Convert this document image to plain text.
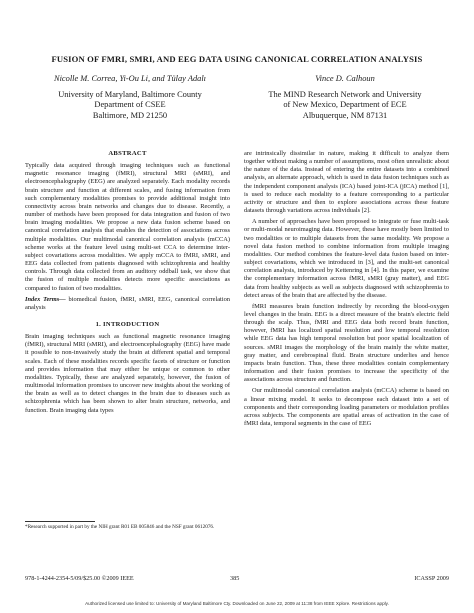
FUSION OF FMRI, SMRI, AND EEG DATA USING CANONICAL CORRELATION ANALYSIS
Nicolle M. Correa, Yi-Ou Li, and Tülay Adalı
University of Maryland, Baltimore County
Department of CSEE
Baltimore, MD 21250
Vince D. Calhoun
The MIND Research Network and University
of New Mexico, Department of ECE
Albuquerque, NM 87131
ABSTRACT

Typically data acquired through imaging techniques such as functional magnetic resonance imaging (fMRI), structural MRI (sMRI), and electroencephalography (EEG) are analyzed separately. Each modality records brain structure and function at different scales, and fusing information from such complementary modalities promises to provide additional insight into connectivity across brain networks and changes due to disease. Recently, a number of methods have been proposed for data integration and fusion of two brain imaging modalities. We propose a new data fusion scheme based on canonical correlation analysis that enables the detection of associations across multiple modalities. Our multimodal canonical correlation analysis (mCCA) scheme works at the feature level using multi-set CCA to determine inter-subject covariations across modalities. We apply mCCA to fMRI, sMRI, and EEG data collected from patients diagnosed with schizophrenia and healthy controls. Through data collected from an auditory oddball task, we show that the fusion of multiple modalities detects more specific associations as compared to fusion of two modalities.

Index Terms— biomedical fusion, fMRI, sMRI, EEG, canonical correlation analysis

1. INTRODUCTION

Brain imaging techniques such as functional magnetic resonance imaging (fMRI), structural MRI (sMRI), and electroencephalography (EEG) have made it possible to non-invasively study the brain at different spatial and temporal scales. Each of these modalities records specific facets of structure or function and provides information that may either be unique or common to other modalities. Typically, these are analyzed separately, however, the fusion of multimodal information promises to uncover new insights about the working of the brain as well as to detect changes in the brain due to diseases such as schizophrenia which has been shown to alter brain structure, networks, and function. Brain imaging data types

*Research supported in part by the NIH grant R01 EB 005846 and the NSF grant 0612076.

are intrinsically dissimilar in nature, making it difficult to analyze them together without making a number of assumptions, most often unrealistic about the nature of the data. Instead of entering the entire datasets into a combined analysis, an alternate approach, which is used in data fusion techniques such as the independent component analysis (ICA) based joint-ICA (jICA) method [1], is used to reduce each modality to a feature corresponding to a particular activity or structure and then to explore associations across these feature datasets through variations across individuals [2].

A number of approaches have been proposed to integrate or fuse multi-task or multi-modal neuroimaging data. However, these have mostly been limited to two modalities or to multiple datasets from the same modality. We propose a novel data fusion method to combine information from multiple imaging modalities. Our method combines the feature-level data fusion based on inter-subject covariations, which we introduced in [3], and the multi-set canonical correlation analysis, introduced by Kettenring in [4]. In this paper, we examine the complementary information across fMRI, sMRI (gray matter), and EEG data from healthy subjects as well as subjects diagnosed with schizophrenia to detect areas of the brain that are affected by the disease.

fMRI measures brain function indirectly by recording the blood-oxygen level changes in the brain. EEG is a direct measure of the brain's electric field through the scalp. Thus, fMRI and EEG data both record brain function, however, fMRI has localized spatial resolution and low temporal resolution while EEG data has high temporal resolution but poor spatial localization of sources. sMRI images the morphology of the brain mainly the white matter, gray matter, and cerebrospinal fluid. Brain structure underlies and hence impacts brain function. Thus, these three modalities contain complementary information and their fusion promises to increase the specificity of the associations across structure and function.

Our multimodal canonical correlation analysis (mCCA) scheme is based on a linear mixing model. It seeks to decompose each dataset into a set of components and their corresponding loading parameters or modulation profiles across subjects. The components are spatial areas of activation in the case of fMRI data, temporal segments in the case of EEG

978-1-4244-2354-5/09/$25.00 ©2009 IEEE	385	ICASSP 2009
Authorized licensed use limited to: University of Maryland Baltimore Cty. Downloaded on June 22, 2009 at 11:38 from IEEE Xplore. Restrictions apply.
